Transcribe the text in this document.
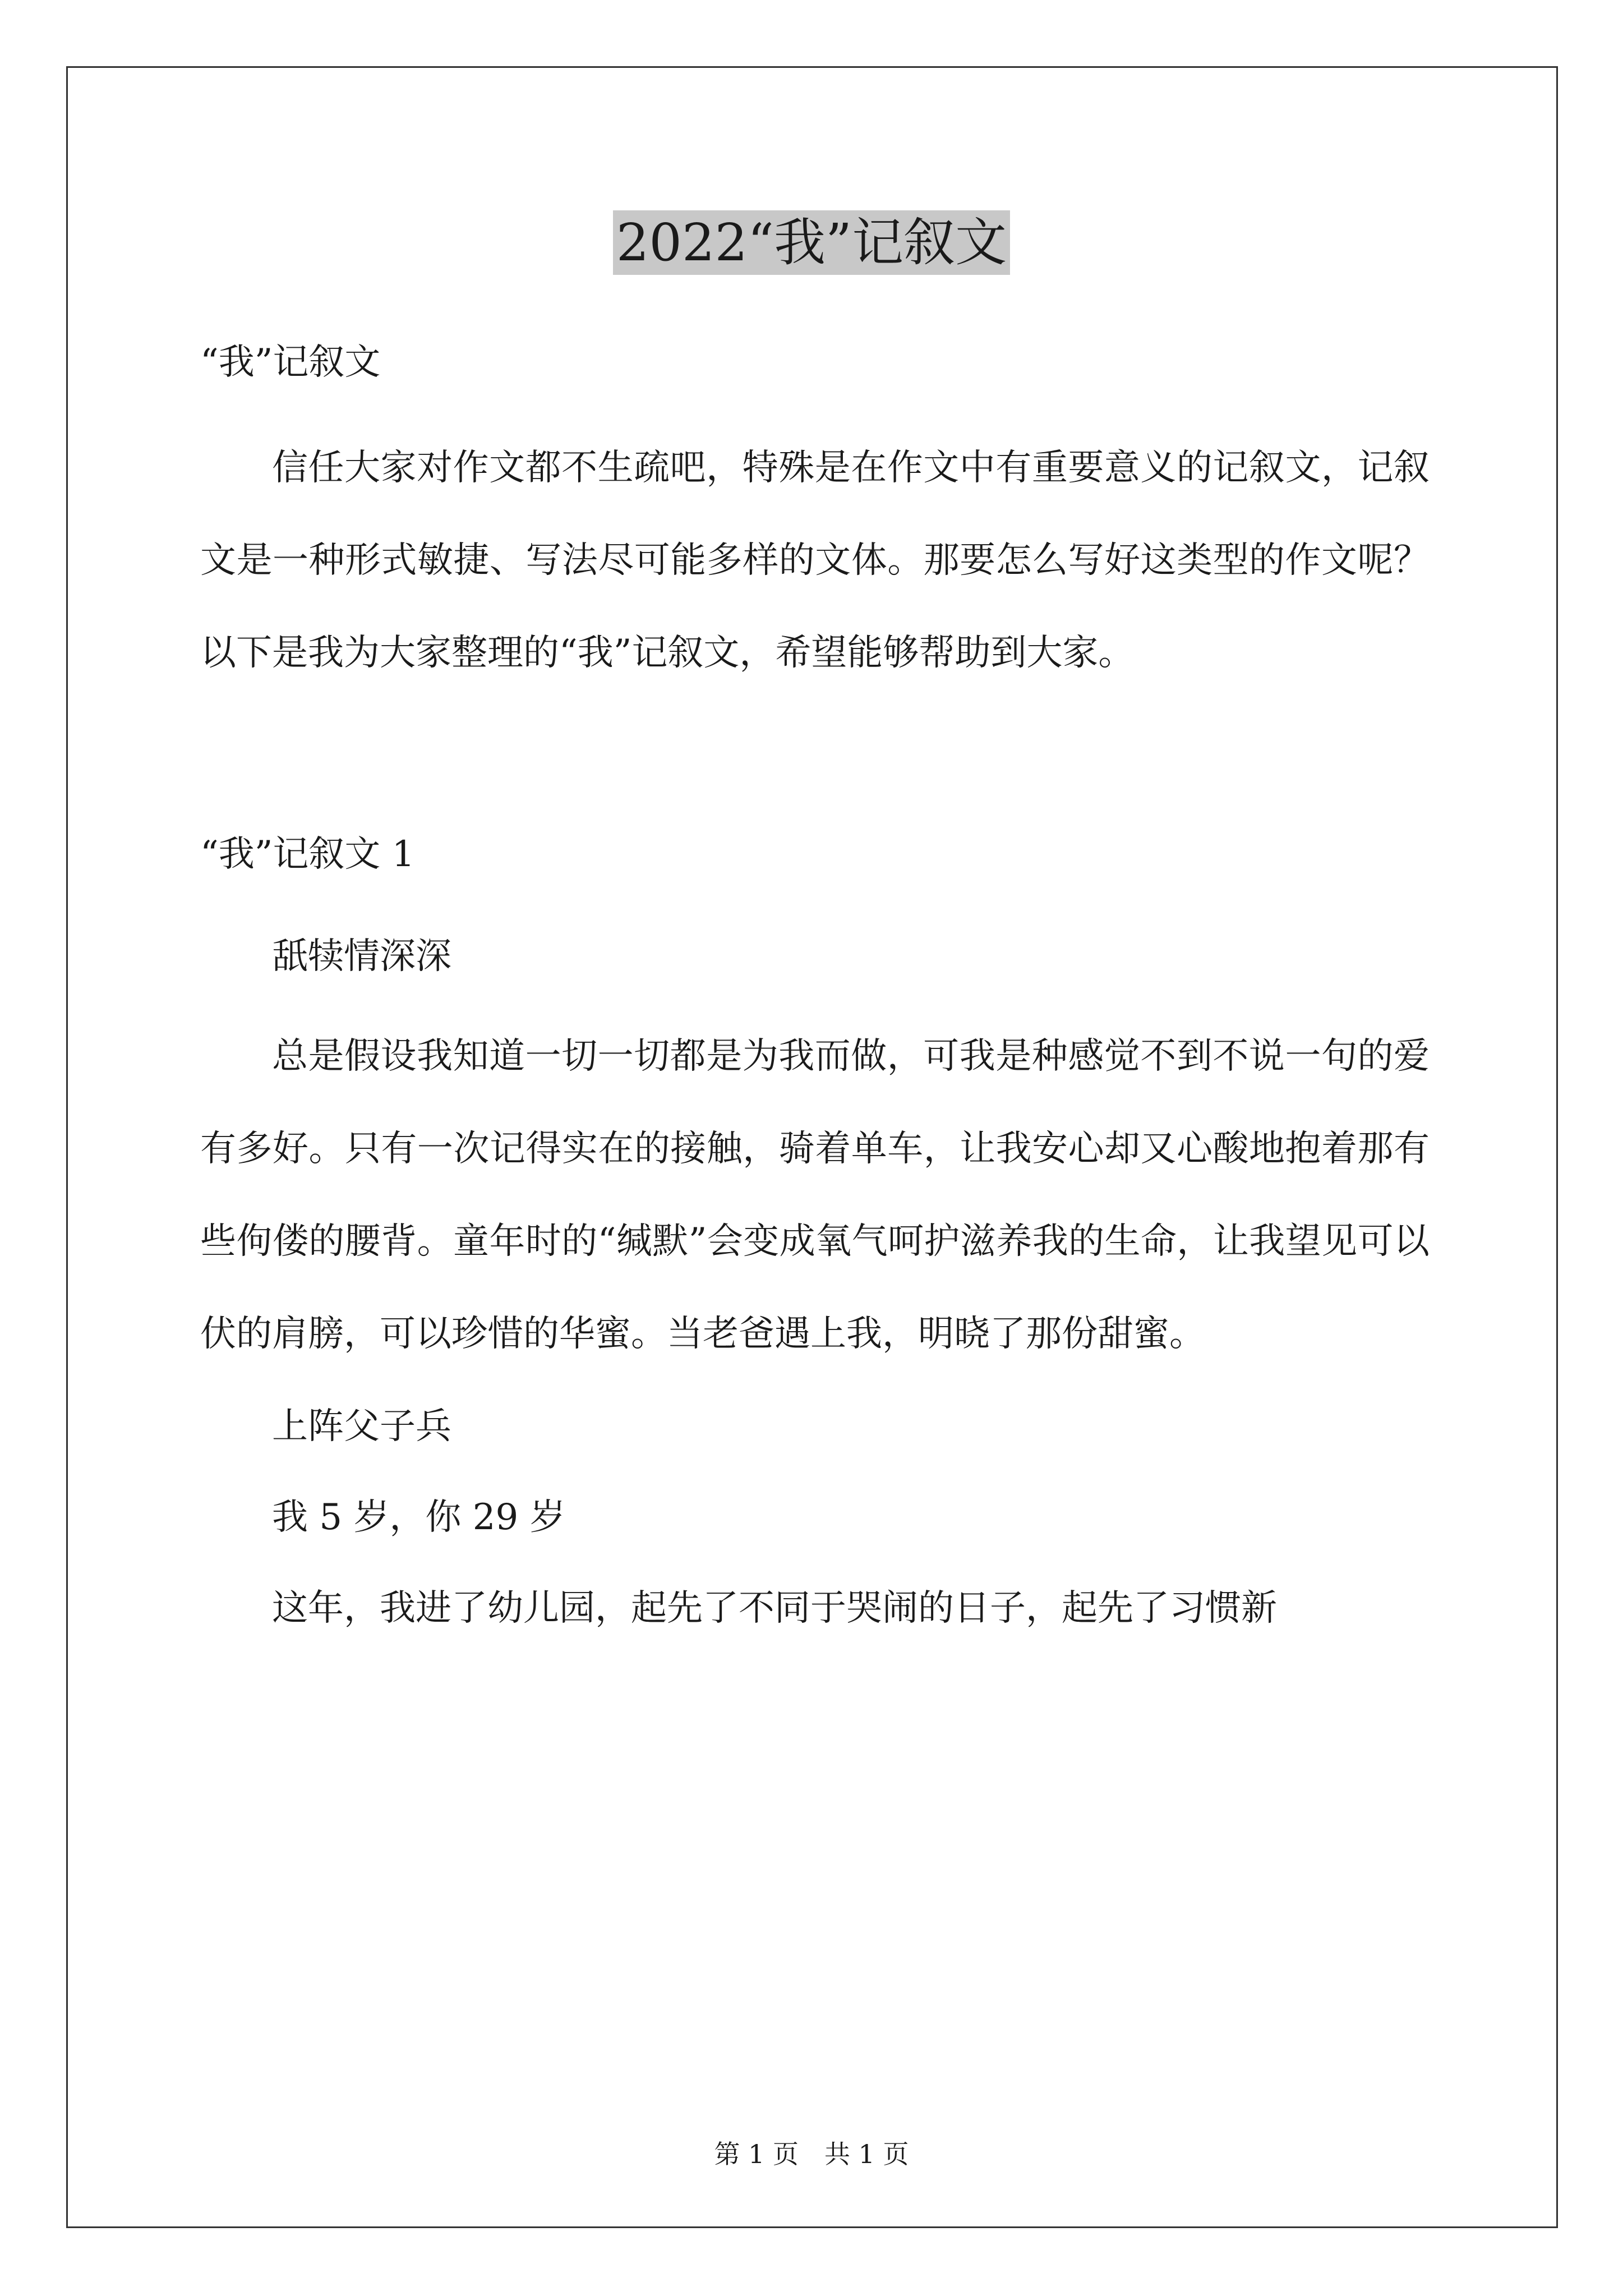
2022“我”记叙文
“我”记叙文

信任大家对作文都不生疏吧，特殊是在作文中有重要意义的记叙文，记叙文是一种形式敏捷、写法尽可能多样的文体。那要怎么写好这类型的作文呢？以下是我为大家整理的“我”记叙文，希望能够帮助到大家。

“我”记叙文 1
舐犊情深深

总是假设我知道一切一切都是为我而做，可我是种感觉不到不说一句的爱有多好。只有一次记得实在的接触，骑着单车，让我安心却又心酸地抱着那有些佝偻的腰背。童年时的“缄默”会变成氧气呵护滋养我的生命，让我望见可以伏的肩膀，可以珍惜的华蜜。当老爸遇上我，明晓了那份甜蜜。

上阵父子兵
我 5 岁，你 29 岁
这年，我进了幼儿园，起先了不同于哭闹的日子，起先了习惯新
第 1 页　共 1 页
